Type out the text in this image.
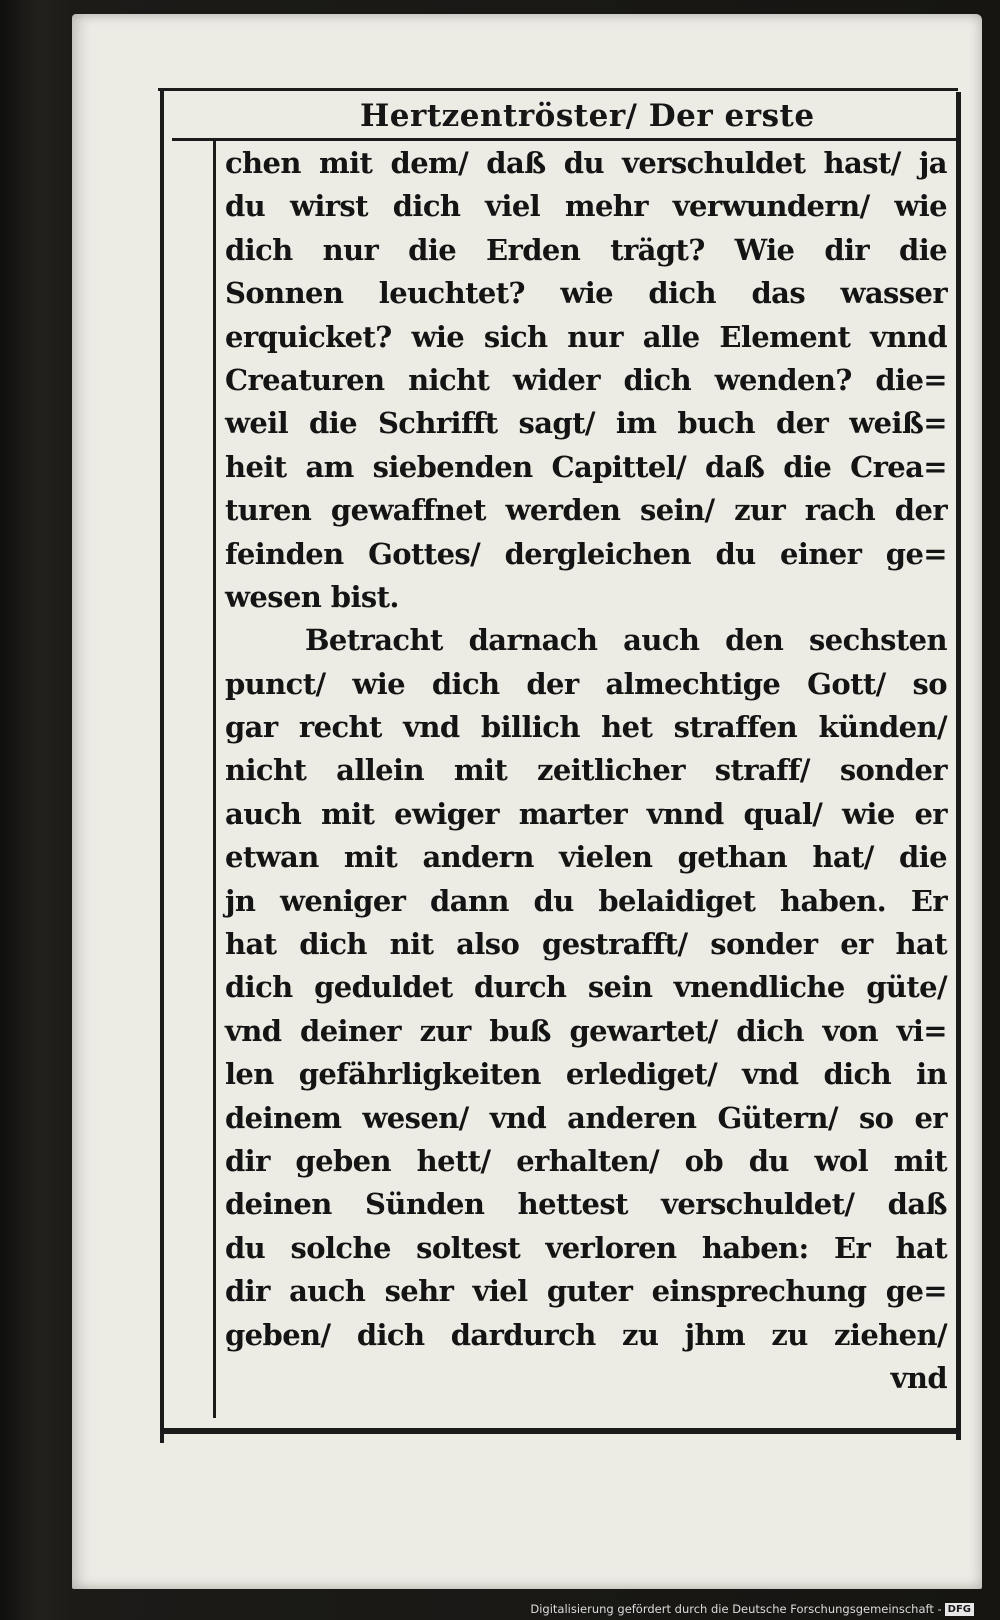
Hertzentröster/ Der erste
chen mit dem/ daß du verschuldet hast/ ja
du wirst dich viel mehr verwundern/ wie
dich nur die Erden trägt? Wie dir die
Sonnen leuchtet? wie dich das wasser
erquicket? wie sich nur alle Element vnnd
Creaturen nicht wider dich wenden? die=
weil die Schrifft sagt/ im buch der weiß=
heit am siebenden Capittel/ daß die Crea=
turen gewaffnet werden sein/ zur rach der
feinden Gottes/ dergleichen du einer ge=
wesen bist.
Betracht darnach auch den sechsten
punct/ wie dich der almechtige Gott/ so
gar recht vnd billich het straffen künden/
nicht allein mit zeitlicher straff/ sonder
auch mit ewiger marter vnnd qual/ wie er
etwan mit andern vielen gethan hat/ die
jn weniger dann du belaidiget haben. Er
hat dich nit also gestrafft/ sonder er hat
dich geduldet durch sein vnendliche güte/
vnd deiner zur buß gewartet/ dich von vi=
len gefährligkeiten erlediget/ vnd dich in
deinem wesen/ vnd anderen Gütern/ so er
dir geben hett/ erhalten/ ob du wol mit
deinen Sünden hettest verschuldet/ daß
du solche soltest verloren haben: Er hat
dir auch sehr viel guter einsprechung ge=
geben/ dich dardurch zu jhm zu ziehen/
vnd
Digitalisierung gefördert durch die Deutsche Forschungsgemeinschaft - DFG
